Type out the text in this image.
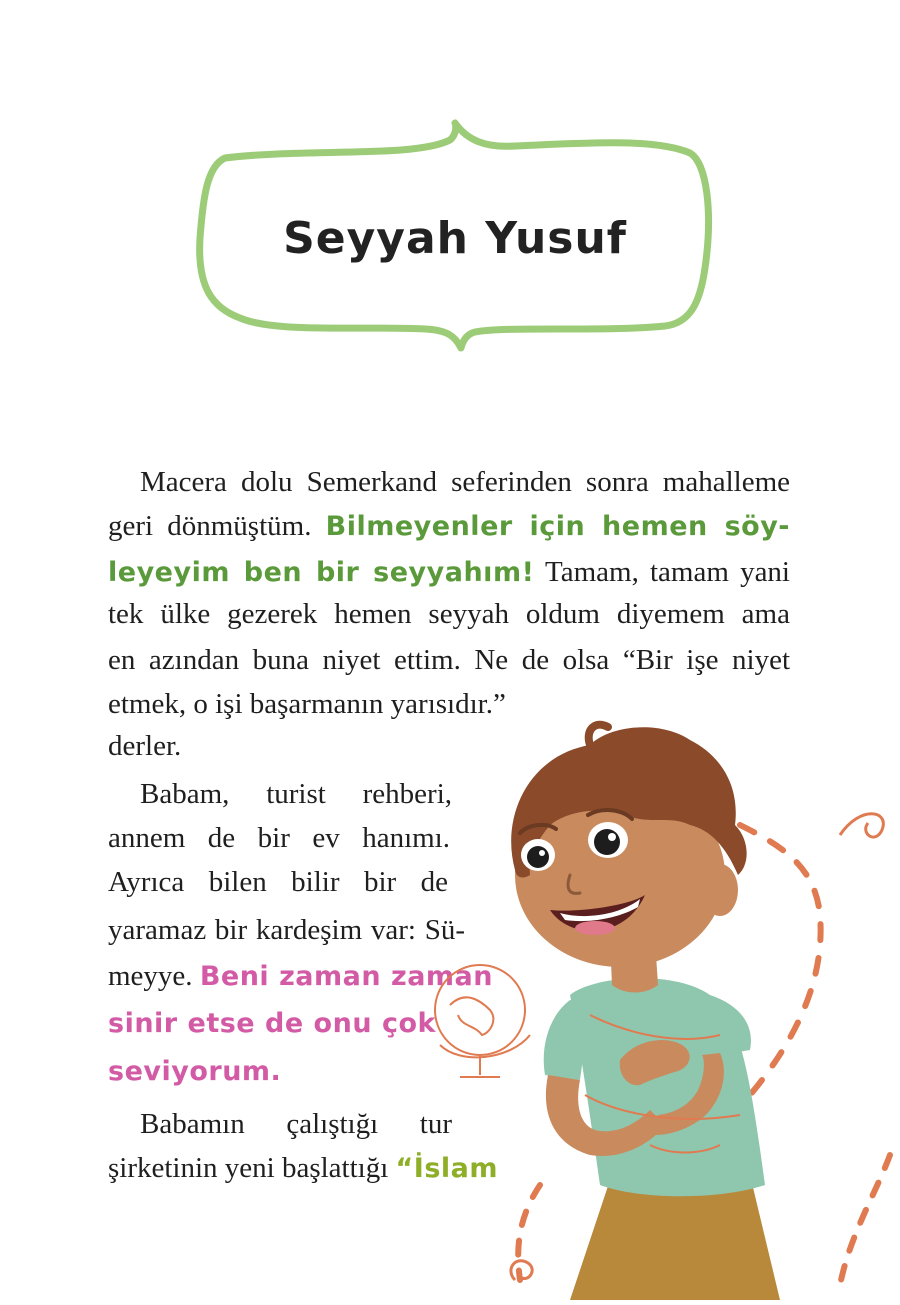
Seyyah Yusuf
Macera dolu Semerkand seferinden sonra mahalleme
geri dönmüştüm. Bilmeyenler için hemen söy-
leyeyim ben bir seyyahım! Tamam, tamam yani
tek ülke gezerek hemen seyyah oldum diyemem ama
en azından buna niyet ettim. Ne de olsa “Bir işe niyet
etmek, o işi başarmanın yarısıdır.”
derler.
Babam, turist rehberi,
annem de bir ev hanımı.
Ayrıca bilen bilir bir de
yaramaz bir kardeşim var: Sü-
meyye. Beni zaman zaman
sinir etse de onu çok
seviyorum.
Babamın çalıştığı tur
şirketinin yeni başlattığı “İslam
